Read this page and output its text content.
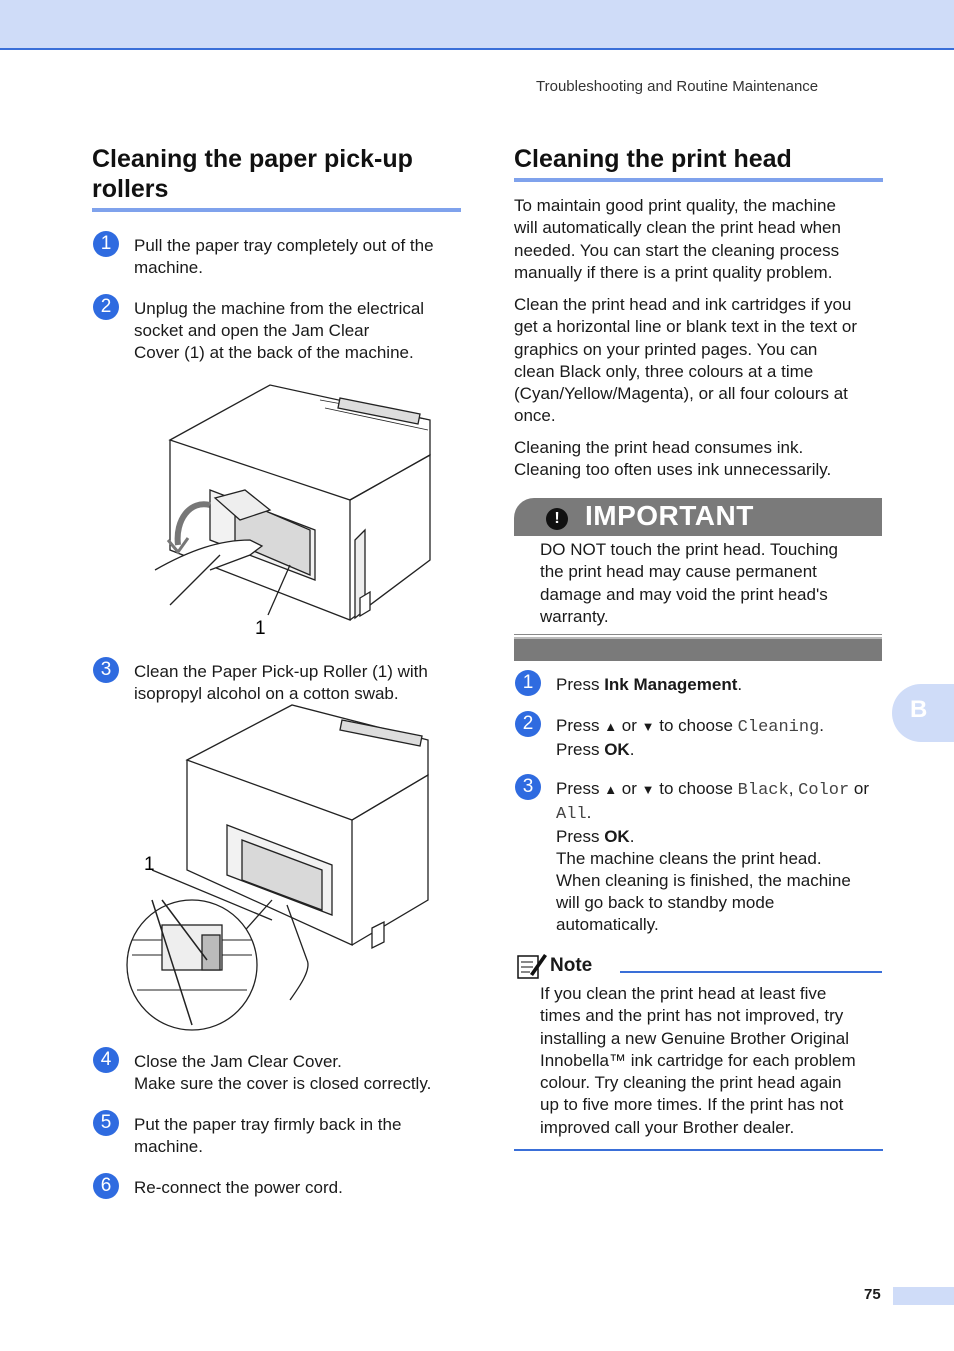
Troubleshooting and Routine Maintenance
Cleaning the paper pick-up
rollers
1	Pull the paper tray completely out of the
machine.
2	Unplug the machine from the electrical
socket and open the Jam Clear
Cover (1) at the back of the machine.
1
3	Clean the Paper Pick-up Roller (1) with
isopropyl alcohol on a cotton swab.
1
4	Close the Jam Clear Cover.
Make sure the cover is closed correctly.
5	Put the paper tray firmly back in the
machine.
6	Re-connect the power cord.
Cleaning the print head
To maintain good print quality, the machine
will automatically clean the print head when
needed. You can start the cleaning process
manually if there is a print quality problem.
Clean the print head and ink cartridges if you
get a horizontal line or blank text in the text or
graphics on your printed pages. You can
clean Black only, three colours at a time
(Cyan/Yellow/Magenta), or all four colours at
once.
Cleaning the print head consumes ink.
Cleaning too often uses ink unnecessarily.
! IMPORTANT
DO NOT touch the print head. Touching
the print head may cause permanent
damage and may void the print head's
warranty.
1	Press Ink Management.
2	Press ▲ or ▼ to choose Cleaning.
Press OK.
3	Press ▲ or ▼ to choose Black, Color or
All.
Press OK.
The machine cleans the print head.
When cleaning is finished, the machine
will go back to standby mode
automatically.
Note
If you clean the print head at least five
times and the print has not improved, try
installing a new Genuine Brother Original
Innobella™ ink cartridge for each problem
colour. Try cleaning the print head again
up to five more times. If the print has not
improved call your Brother dealer.
B
75
